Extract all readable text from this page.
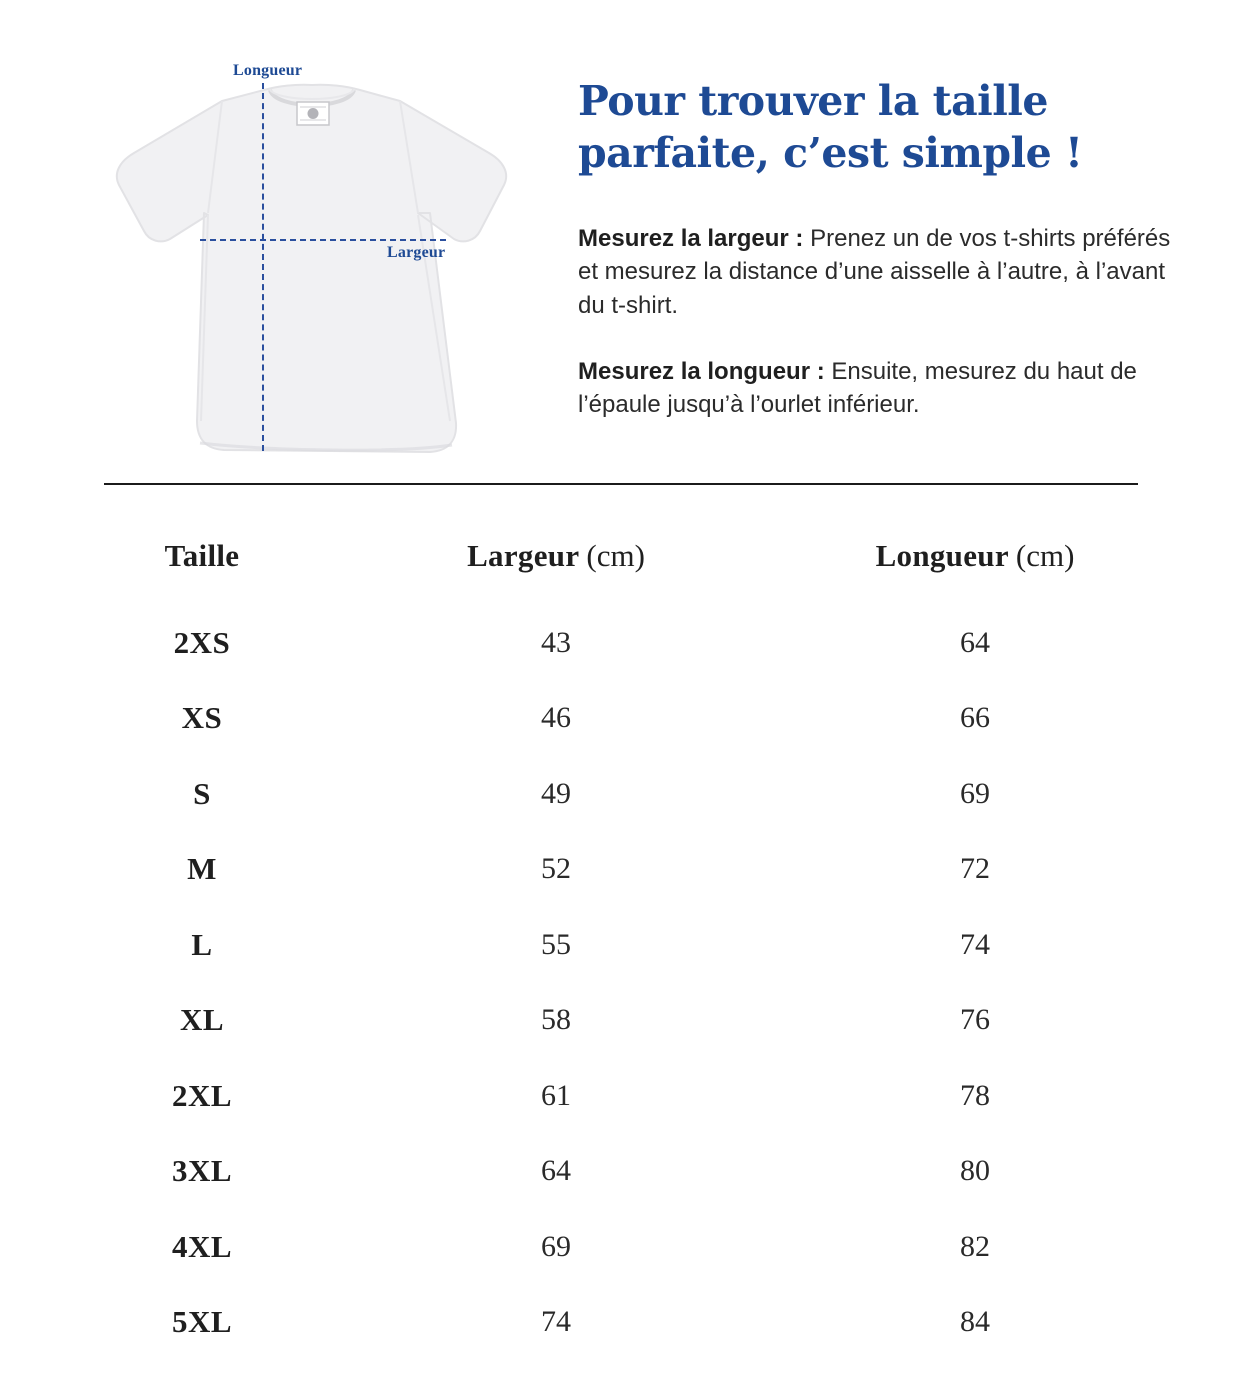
Longueur
Largeur
Pour trouver la taille
parfaite, c’est simple !

Mesurez la largeur : Prenez un de vos t-shirts préférés et mesurez la distance d’une aisselle à l’autre, à l’avant du t-shirt.

Mesurez la longueur : Ensuite, mesurez du haut de l’épaule jusqu’à l’ourlet inférieur.

Taille	Largeur (cm)	Longueur (cm)
2XS	43	64
XS	46	66
S	49	69
M	52	72
L	55	74
XL	58	76
2XL	61	78
3XL	64	80
4XL	69	82
5XL	74	84
